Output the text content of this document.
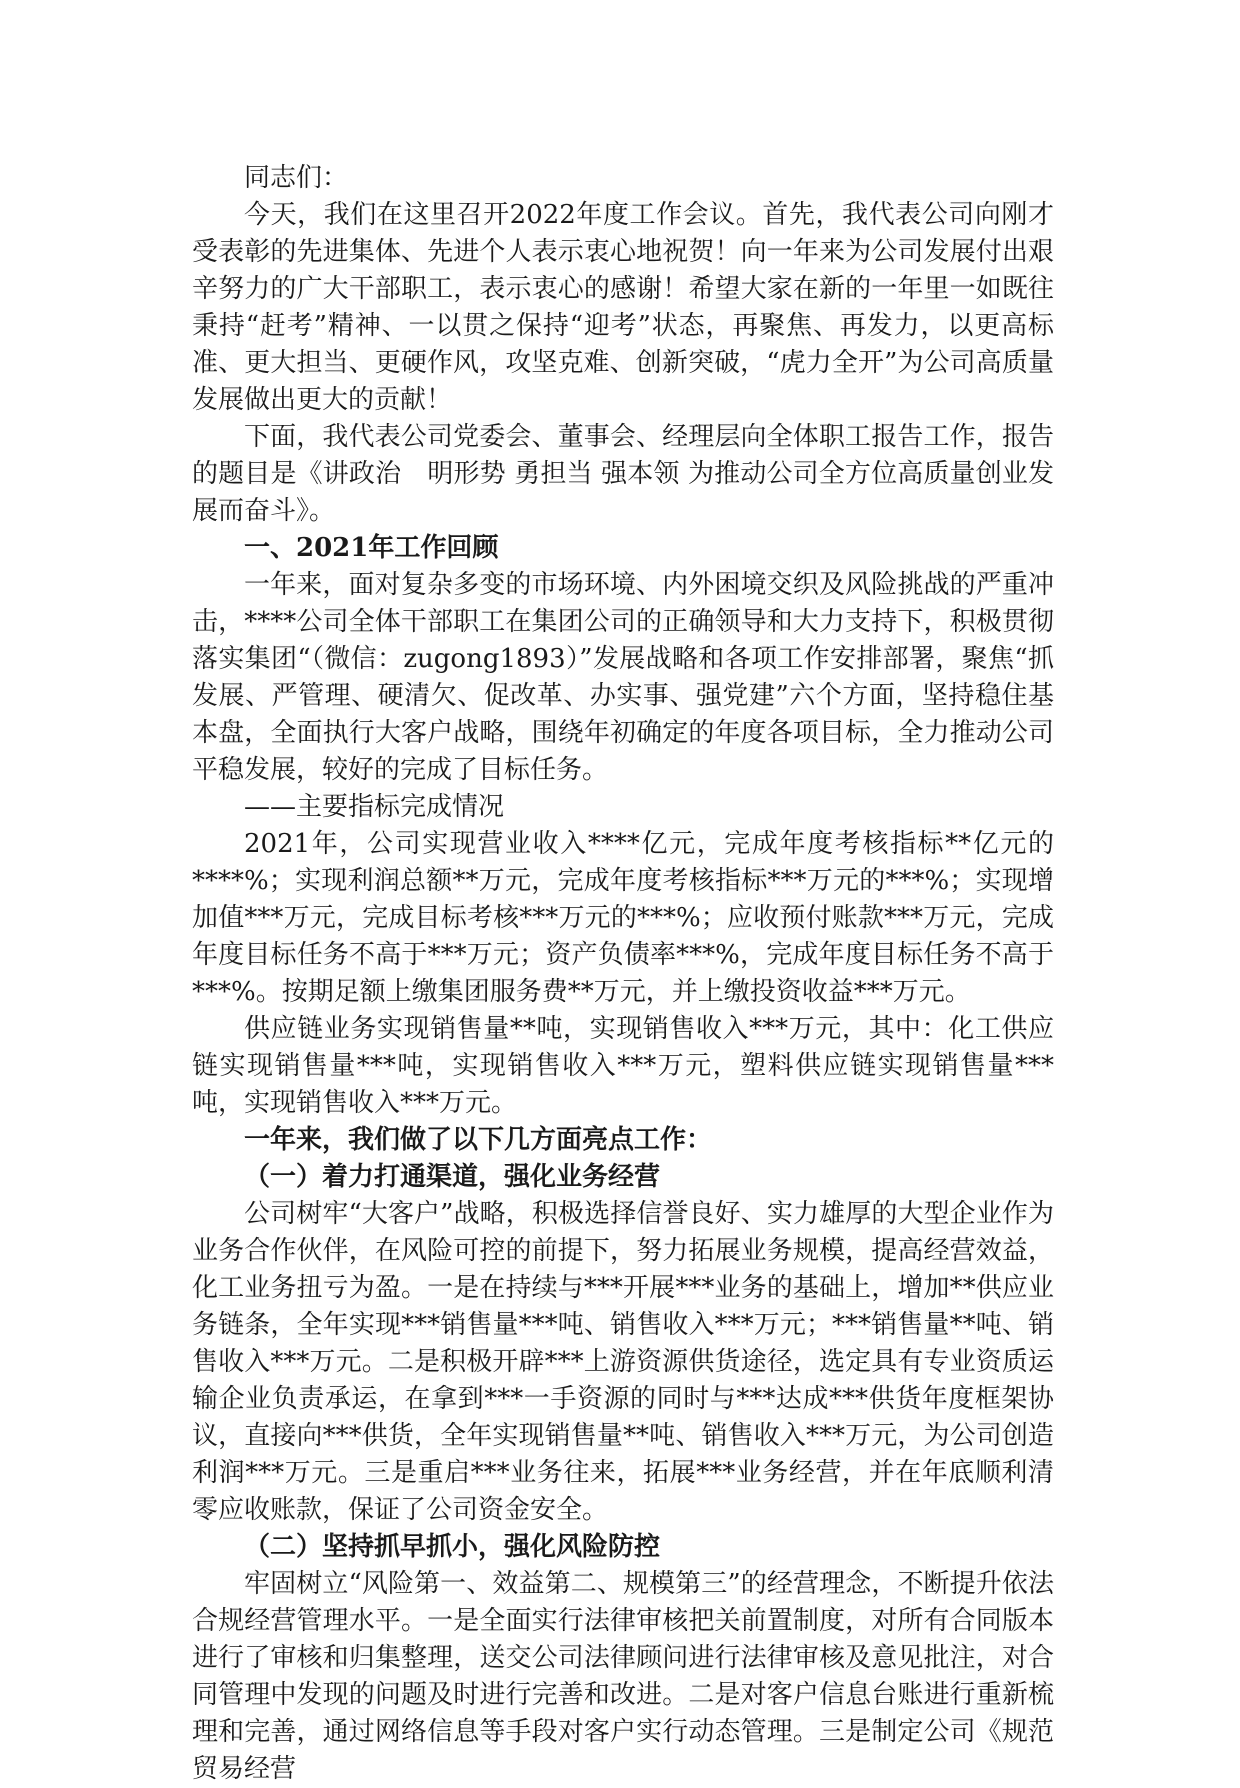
同志们：

今天，我们在这里召开2022年度工作会议。首先，我代表公司向刚才受表彰的先进集体、先进个人表示衷心地祝贺！向一年来为公司发展付出艰辛努力的广大干部职工，表示衷心的感谢！希望大家在新的一年里一如既往秉持“赶考”精神、一以贯之保持“迎考”状态，再聚焦、再发力，以更高标准、更大担当、更硬作风，攻坚克难、创新突破，“虎力全开”为公司高质量发展做出更大的贡献！

下面，我代表公司党委会、董事会、经理层向全体职工报告工作，报告的题目是《讲政治　明形势 勇担当 强本领 为推动公司全方位高质量创业发展而奋斗》。

一、2021年工作回顾

一年来，面对复杂多变的市场环境、内外困境交织及风险挑战的严重冲击，****公司全体干部职工在集团公司的正确领导和大力支持下，积极贯彻落实集团“（微信：zugong1893）”发展战略和各项工作安排部署，聚焦“抓发展、严管理、硬清欠、促改革、办实事、强党建”六个方面，坚持稳住基本盘，全面执行大客户战略，围绕年初确定的年度各项目标，全力推动公司平稳发展，较好的完成了目标任务。

——主要指标完成情况

2021年，公司实现营业收入****亿元，完成年度考核指标**亿元的****%；实现利润总额**万元，完成年度考核指标***万元的***%；实现增加值***万元，完成目标考核***万元的***%；应收预付账款***万元，完成年度目标任务不高于***万元；资产负债率***%，完成年度目标任务不高于***%。按期足额上缴集团服务费**万元，并上缴投资收益***万元。

供应链业务实现销售量**吨，实现销售收入***万元，其中：化工供应链实现销售量***吨，实现销售收入***万元，塑料供应链实现销售量***吨，实现销售收入***万元。

一年来，我们做了以下几方面亮点工作：

（一）着力打通渠道，强化业务经营

公司树牢“大客户”战略，积极选择信誉良好、实力雄厚的大型企业作为业务合作伙伴，在风险可控的前提下，努力拓展业务规模，提高经营效益，化工业务扭亏为盈。一是在持续与***开展***业务的基础上，增加**供应业务链条，全年实现***销售量***吨、销售收入***万元；***销售量**吨、销售收入***万元。二是积极开辟***上游资源供货途径，选定具有专业资质运输企业负责承运，在拿到***一手资源的同时与***达成***供货年度框架协议，直接向***供货，全年实现销售量**吨、销售收入***万元，为公司创造利润***万元。三是重启***业务往来，拓展***业务经营，并在年底顺利清零应收账款，保证了公司资金安全。

（二）坚持抓早抓小，强化风险防控

牢固树立“风险第一、效益第二、规模第三”的经营理念，不断提升依法合规经营管理水平。一是全面实行法律审核把关前置制度，对所有合同版本进行了审核和归集整理，送交公司法律顾问进行法律审核及意见批注，对合同管理中发现的问题及时进行完善和改进。二是对客户信息台账进行重新梳理和完善，通过网络信息等手段对客户实行动态管理。三是制定公司《规范贸易经营
